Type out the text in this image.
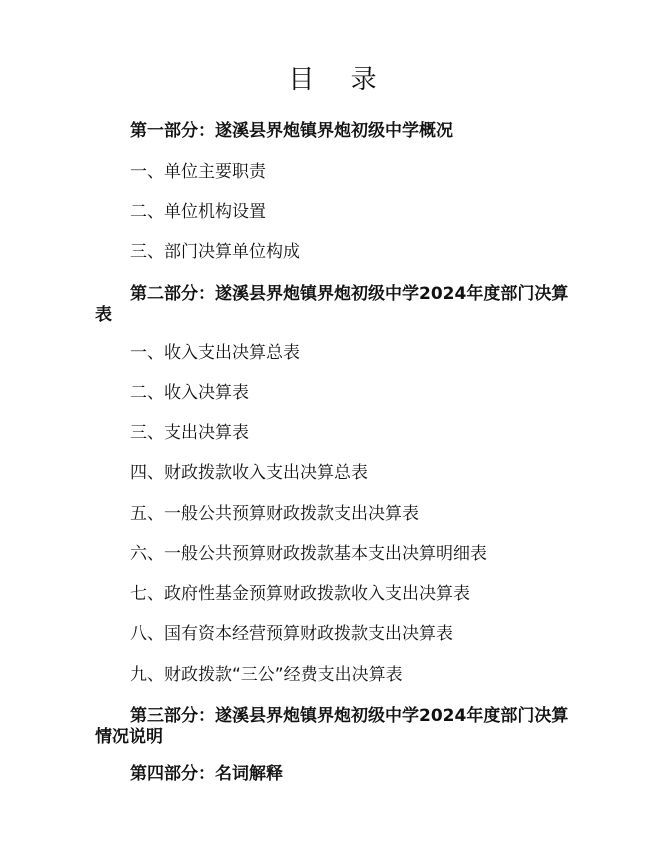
目 录
第一部分：遂溪县界炮镇界炮初级中学概况
一、单位主要职责
二、单位机构设置
三、部门决算单位构成
第二部分：遂溪县界炮镇界炮初级中学2024年度部门决算表
一、收入支出决算总表
二、收入决算表
三、支出决算表
四、财政拨款收入支出决算总表
五、一般公共预算财政拨款支出决算表
六、一般公共预算财政拨款基本支出决算明细表
七、政府性基金预算财政拨款收入支出决算表
八、国有资本经营预算财政拨款支出决算表
九、财政拨款“三公”经费支出决算表
第三部分：遂溪县界炮镇界炮初级中学2024年度部门决算情况说明
第四部分：名词解释
